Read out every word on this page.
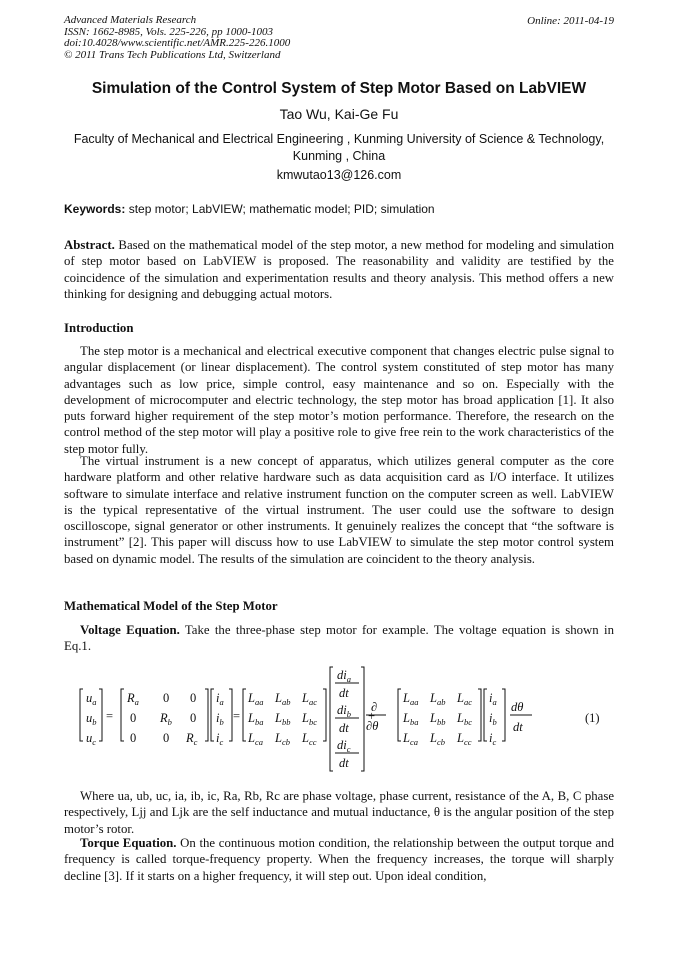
Advanced Materials Research
ISSN: 1662-8985, Vols. 225-226, pp 1000-1003
doi:10.4028/www.scientific.net/AMR.225-226.1000
© 2011 Trans Tech Publications Ltd, Switzerland
Online: 2011-04-19
Simulation of the Control System of Step Motor Based on LabVIEW
Tao Wu, Kai-Ge Fu
Faculty of Mechanical and Electrical Engineering , Kunming University of Science & Technology,
Kunming , China
kmwutao13@126.com
Keywords: step motor; LabVIEW; mathematic model; PID; simulation
Abstract. Based on the mathematical model of the step motor, a new method for modeling and simulation of step motor based on LabVIEW is proposed. The reasonability and validity are testified by the coincidence of the simulation and experimentation results and theory analysis. This method offers a new thinking for designing and debugging actual motors.
Introduction
The step motor is a mechanical and electrical executive component that changes electric pulse signal to angular displacement (or linear displacement). The control system constituted of step motor has many advantages such as low price, simple control, easy maintenance and so on. Especially with the development of microcomputer and electric technology, the step motor has broad application [1]. It also puts forward higher requirement of the step motor’s motion performance. Therefore, the research on the control method of the step motor will play a positive role to give free rein to the work characteristics of the step motor fully.
The virtual instrument is a new concept of apparatus, which utilizes general computer as the core hardware platform and other relative hardware such as data acquisition card as I/O interface. It utilizes software to simulate interface and relative instrument function on the computer screen as well. LabVIEW is the typical representative of the virtual instrument. The user could use the software to design oscilloscope, signal generator or other instruments. It genuinely realizes the concept that “the software is instrument” [2]. This paper will discuss how to use LabVIEW to simulate the step motor control system based on dynamic model. The results of the simulation are coincident to the theory analysis.
Mathematical Model of the Step Motor
Voltage Equation. Take the three-phase step motor for example. The voltage equation is shown in Eq.1.
$u_a$
$u_b$
$u_c$
=
$R_a$ 0 0
0 $R_b$ 0
0 0 $R_c$
$i_a$
$i_b$
$i_c$
=
$L_{aa}$ $L_{ab}$ $L_{ac}$
$L_{ba}$ $L_{bb}$ $L_{bc}$
$L_{ca}$ $L_{cb}$ $L_{cc}$
$di_a$
dt
$di_b$
dt
$di_c$
dt
+
∂
∂θ
$L_{aa}$ $L_{ab}$ $L_{ac}$
$L_{ba}$ $L_{bb}$ $L_{bc}$
$L_{ca}$ $L_{cb}$ $L_{cc}$
$i_a$
$i_b$
$i_c$
dθ
dt
(1)
Where ua, ub, uc, ia, ib, ic, Ra, Rb, Rc are phase voltage, phase current, resistance of the A, B, C phase respectively, Ljj and Ljk are the self inductance and mutual inductance, θ is the angular position of the step motor’s rotor.
Torque Equation. On the continuous motion condition, the relationship between the output torque and frequency is called torque-frequency property. When the frequency increases, the torque will sharply decline [3]. If it starts on a higher frequency, it will step out. Upon ideal condition,
